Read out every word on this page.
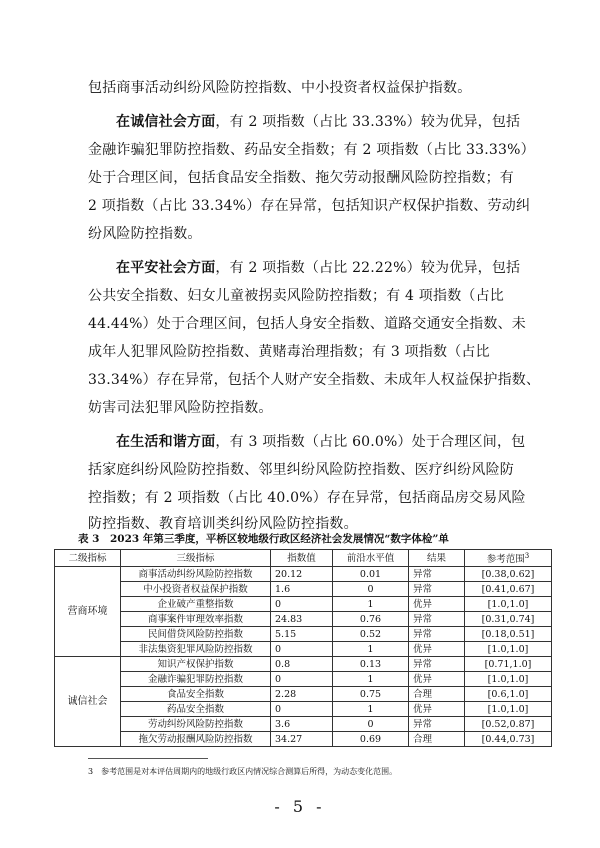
包括商事活动纠纷风险防控指数、中小投资者权益保护指数。
在诚信社会方面，有 2 项指数（占比 33.33%）较为优异，包括
金融诈骗犯罪防控指数、药品安全指数；有 2 项指数（占比 33.33%）
处于合理区间，包括食品安全指数、拖欠劳动报酬风险防控指数；有
2 项指数（占比 33.34%）存在异常，包括知识产权保护指数、劳动纠
纷风险防控指数。
在平安社会方面，有 2 项指数（占比 22.22%）较为优异，包括
公共安全指数、妇女儿童被拐卖风险防控指数；有 4 项指数（占比
44.44%）处于合理区间，包括人身安全指数、道路交通安全指数、未
成年人犯罪风险防控指数、黄赌毒治理指数；有 3 项指数（占比
33.34%）存在异常，包括个人财产安全指数、未成年人权益保护指数、
妨害司法犯罪风险防控指数。
在生活和谐方面，有 3 项指数（占比 60.0%）处于合理区间，包
括家庭纠纷风险防控指数、邻里纠纷风险防控指数、医疗纠纷风险防
控指数；有 2 项指数（占比 40.0%）存在异常，包括商品房交易风险
防控指数、教育培训类纠纷风险防控指数。
表 3　2023 年第三季度，平桥区较地级行政区经济社会发展情况“数字体检”单
二级指标	三级指标	指数值	前沿水平值	结果	参考范围$^3$
营商环境	商事活动纠纷风险防控指数	20.12	0.01	异常	[0.38,0.62]
	中小投资者权益保护指数	1.6	0	异常	[0.41,0.67]
	企业破产重整指数	0	1	优异	[1.0,1.0]
	商事案件审理效率指数	24.83	0.76	异常	[0.31,0.74]
	民间借贷风险防控指数	5.15	0.52	异常	[0.18,0.51]
	非法集资犯罪风险防控指数	0	1	优异	[1.0,1.0]
诚信社会	知识产权保护指数	0.8	0.13	异常	[0.71,1.0]
	金融诈骗犯罪防控指数	0	1	优异	[1.0,1.0]
	食品安全指数	2.28	0.75	合理	[0.6,1.0]
	药品安全指数	0	1	优异	[1.0,1.0]
	劳动纠纷风险防控指数	3.6	0	异常	[0.52,0.87]
	拖欠劳动报酬风险防控指数	34.27	0.69	合理	[0.44,0.73]
3　参考范围是对本评估周期内的地级行政区内情况综合测算后所得，为动态变化范围。
- 5 -
